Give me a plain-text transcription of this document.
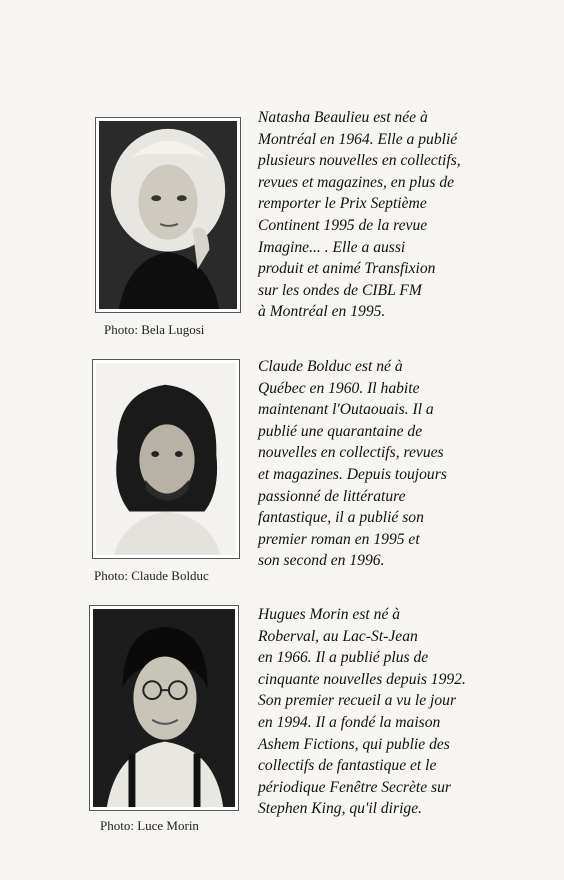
Photo: Bela Lugosi
Natasha Beaulieu est née à
Montréal en 1964. Elle a publié
plusieurs nouvelles en collectifs,
revues et magazines, en plus de
remporter le Prix Septième
Continent 1995 de la revue
Imagine... . Elle a aussi
produit et animé Transfixion
sur les ondes de CIBL FM
à Montréal en 1995.
Photo: Claude Bolduc
Claude Bolduc est né à
Québec en 1960. Il habite
maintenant l'Outaouais. Il a
publié une quarantaine de
nouvelles en collectifs, revues
et magazines. Depuis toujours
passionné de littérature
fantastique, il a publié son
premier roman en 1995 et
son second en 1996.
Photo: Luce Morin
Hugues Morin est né à
Roberval, au Lac-St-Jean
en 1966. Il a publié plus de
cinquante nouvelles depuis 1992.
Son premier recueil a vu le jour
en 1994. Il a fondé la maison
Ashem Fictions, qui publie des
collectifs de fantastique et le
périodique Fenêtre Secrète sur
Stephen King, qu'il dirige.
